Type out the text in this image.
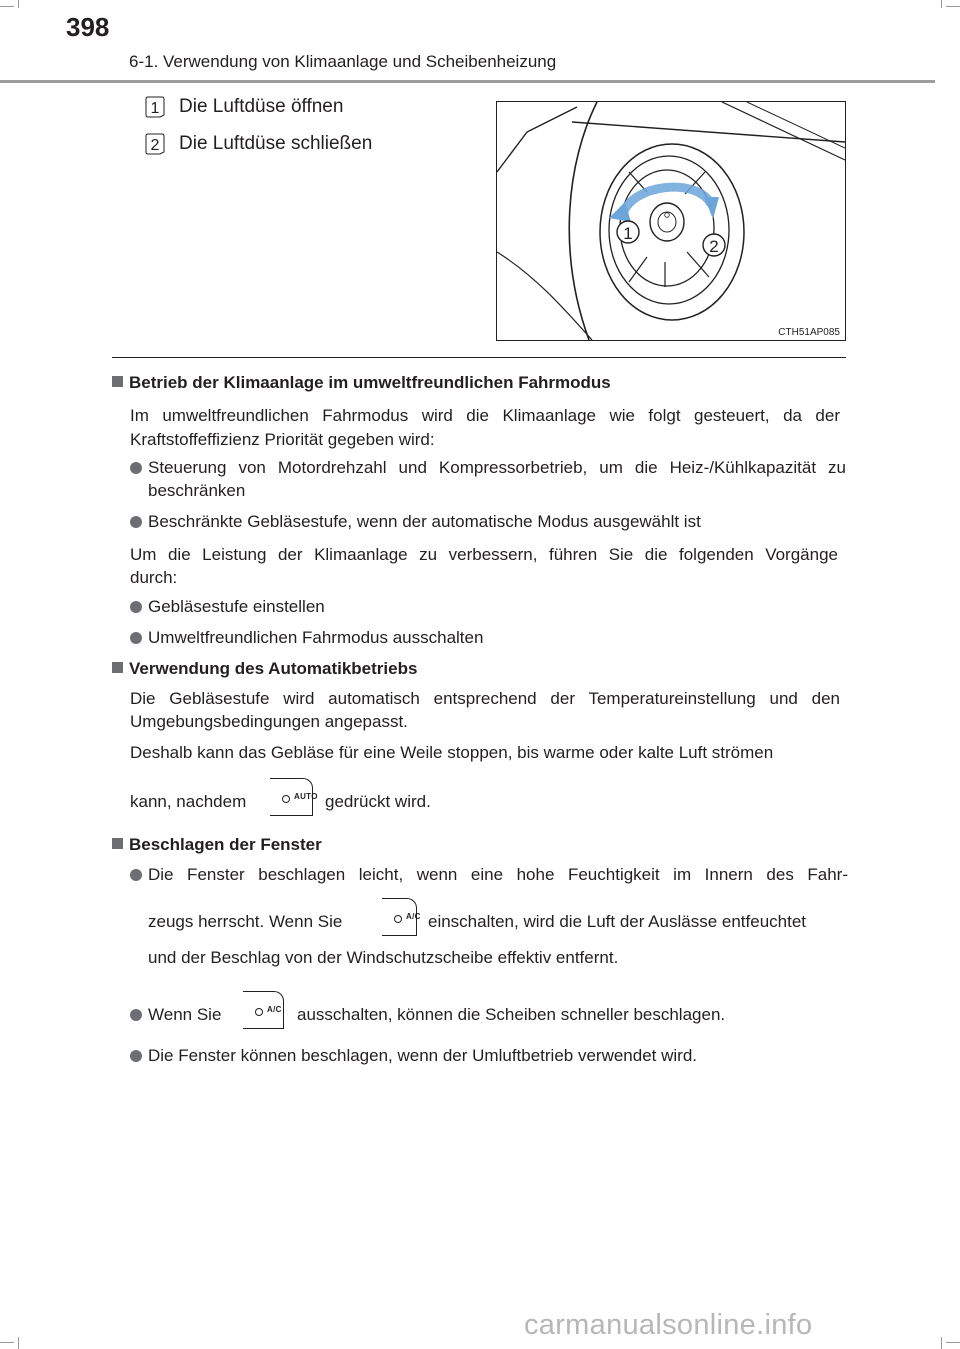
398
6-1. Verwendung von Klimaanlage und Scheibenheizung
1 Die Luftdüse öffnen
2 Die Luftdüse schließen
1
2
CTH51AP085
Betrieb der Klimaanlage im umweltfreundlichen Fahrmodus
Im umweltfreundlichen Fahrmodus wird die Klimaanlage wie folgt gesteuert, da der
Kraftstoffeffizienz Priorität gegeben wird:
Steuerung von Motordrehzahl und Kompressorbetrieb, um die Heiz-/Kühlkapazität zu
beschränken
Beschränkte Gebläsestufe, wenn der automatische Modus ausgewählt ist
Um die Leistung der Klimaanlage zu verbessern, führen Sie die folgenden Vorgänge
durch:
Gebläsestufe einstellen
Umweltfreundlichen Fahrmodus ausschalten
Verwendung des Automatikbetriebs
Die Gebläsestufe wird automatisch entsprechend der Temperatureinstellung und den
Umgebungsbedingungen angepasst.
Deshalb kann das Gebläse für eine Weile stoppen, bis warme oder kalte Luft strömen
kann, nachdem	AUTO gedrückt wird.
Beschlagen der Fenster
Die Fenster beschlagen leicht, wenn eine hohe Feuchtigkeit im Innern des Fahr-
zeugs herrscht. Wenn Sie	A/C einschalten, wird die Luft der Auslässe entfeuchtet
und der Beschlag von der Windschutzscheibe effektiv entfernt.
Wenn Sie	A/C ausschalten, können die Scheiben schneller beschlagen.
Die Fenster können beschlagen, wenn der Umluftbetrieb verwendet wird.
carmanualsonline.info
